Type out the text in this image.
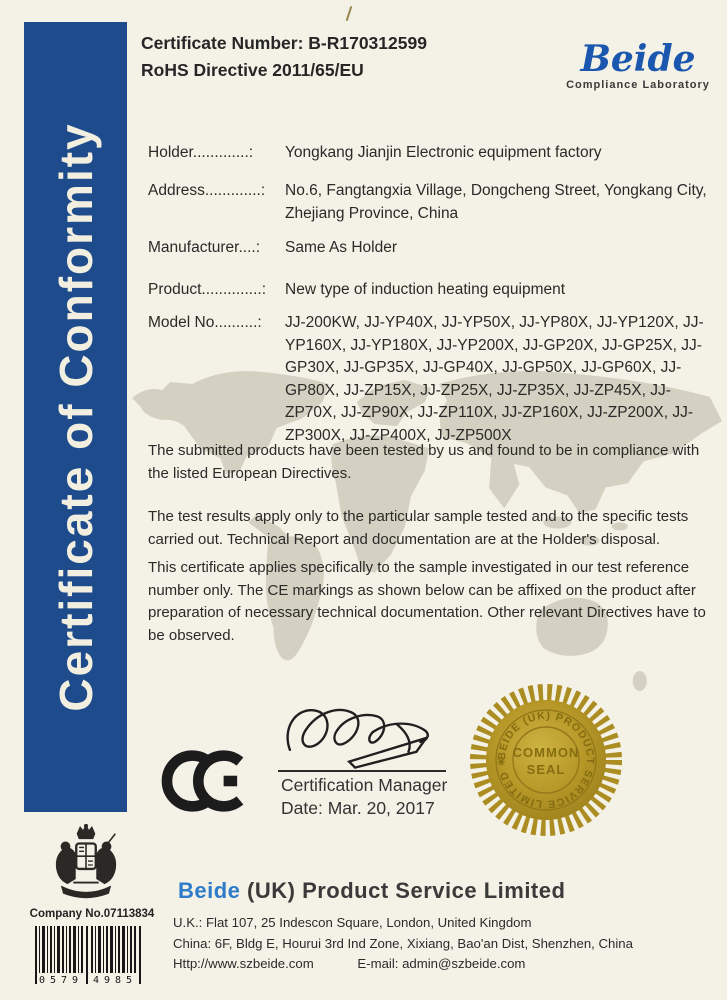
Certificate of Conformity
Certificate Number: B-R170312599
RoHS Directive 2011/65/EU	Beide
Compliance Laboratory
Holder.............:	Yongkang Jianjin Electronic equipment factory
Address.............:	No.6, Fangtangxia Village, Dongcheng Street, Yongkang City, Zhejiang Province, China
Manufacturer....:	Same As Holder
Product..............:	New type of induction heating equipment
Model No..........:	JJ-200KW, JJ-YP40X, JJ-YP50X, JJ-YP80X, JJ-YP120X, JJ-YP160X, JJ-YP180X, JJ-YP200X, JJ-GP20X, JJ-GP25X, JJ-GP30X, JJ-GP35X, JJ-GP40X, JJ-GP50X, JJ-GP60X, JJ-GP80X, JJ-ZP15X, JJ-ZP25X, JJ-ZP35X, JJ-ZP45X, JJ-ZP70X, JJ-ZP90X, JJ-ZP110X, JJ-ZP160X, JJ-ZP200X, JJ-ZP300X, JJ-ZP400X, JJ-ZP500X
The submitted products have been tested by us and found to be in compliance with the listed European Directives.
The test results apply only to the particular sample tested and to the specific tests carried out. Technical Report and documentation are at the Holder's disposal.
This certificate applies specifically to the sample investigated in our test reference number only. The CE markings as shown below can be affixed on the product after preparation of necessary technical documentation. Other relevant Directives have to be observed.
Certification Manager
Date: Mar. 20, 2017
BEIDE (UK) PRODUCT SERVICE LIMITED ✳
COMMON
SEAL
Company No.07113834
0579 4985
Beide (UK) Product Service Limited
U.K.: Flat 107, 25 Indescon Square, London, United Kingdom
China: 6F, Bldg E, Hourui 3rd Ind Zone, Xixiang, Bao'an Dist, Shenzhen, China
Http://www.szbeide.com	E-mail: admin@szbeide.com
